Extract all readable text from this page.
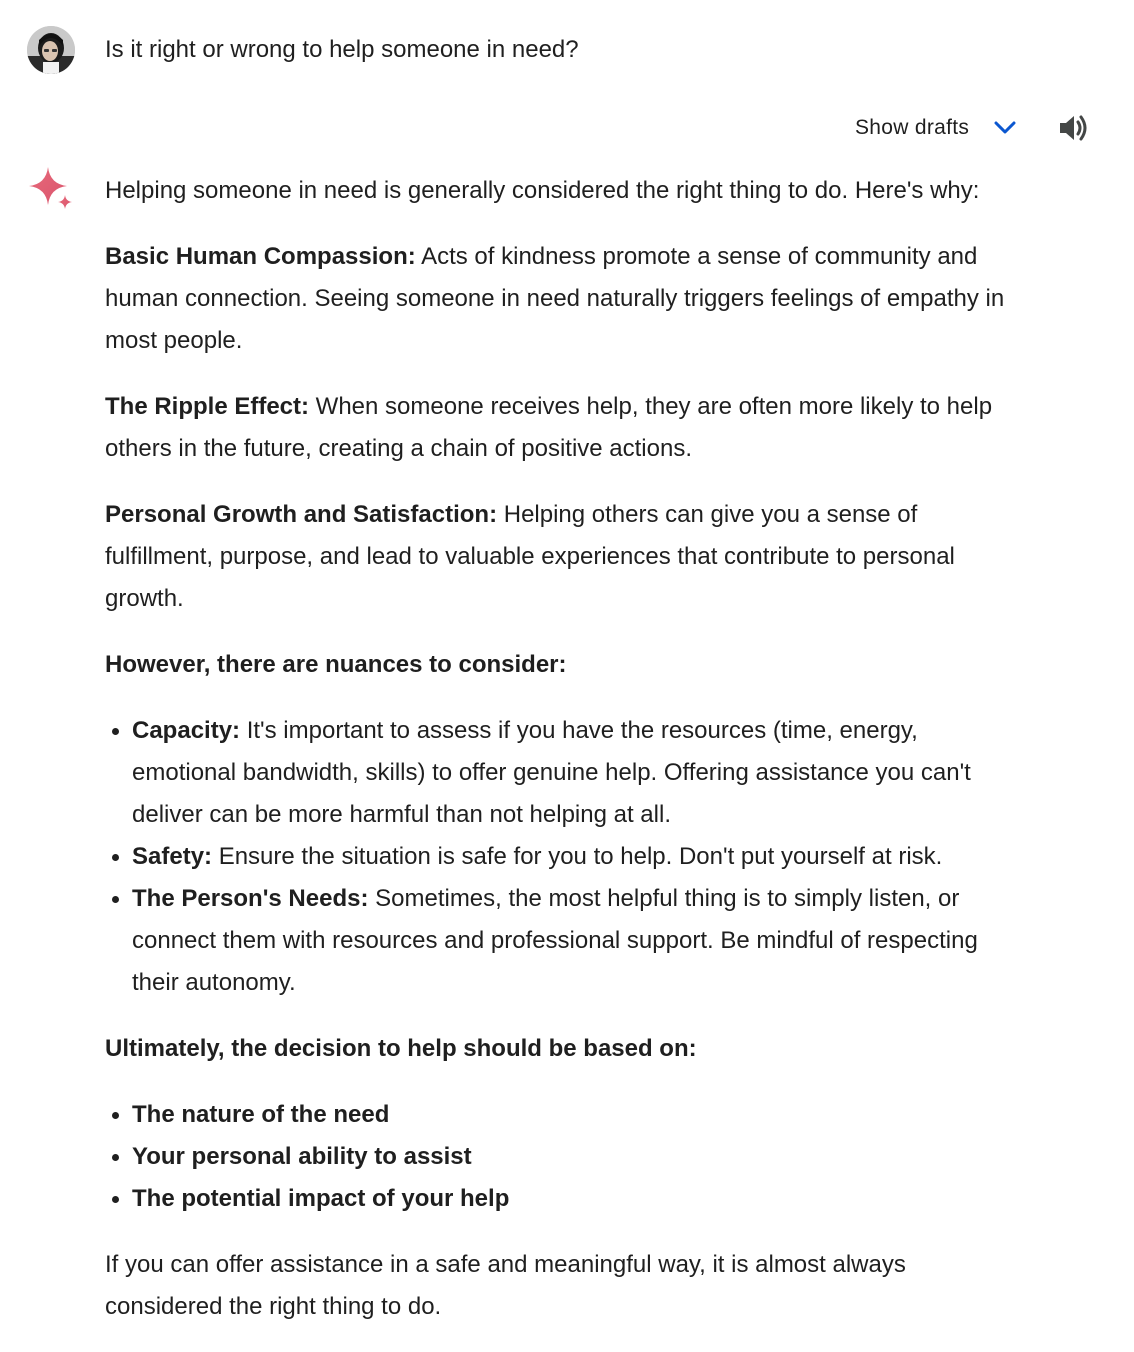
Is it right or wrong to help someone in need?
Show drafts

Helping someone in need is generally considered the right thing to do. Here's why:

Basic Human Compassion: Acts of kindness promote a sense of community and human connection. Seeing someone in need naturally triggers feelings of empathy in most people.

The Ripple Effect: When someone receives help, they are often more likely to help others in the future, creating a chain of positive actions.

Personal Growth and Satisfaction: Helping others can give you a sense of fulfillment, purpose, and lead to valuable experiences that contribute to personal growth.

However, there are nuances to consider:

Capacity: It's important to assess if you have the resources (time, energy, emotional bandwidth, skills) to offer genuine help. Offering assistance you can't deliver can be more harmful than not helping at all.
Safety: Ensure the situation is safe for you to help. Don't put yourself at risk.
The Person's Needs: Sometimes, the most helpful thing is to simply listen, or connect them with resources and professional support. Be mindful of respecting their autonomy.

Ultimately, the decision to help should be based on:

The nature of the need
Your personal ability to assist
The potential impact of your help

If you can offer assistance in a safe and meaningful way, it is almost always considered the right thing to do.
